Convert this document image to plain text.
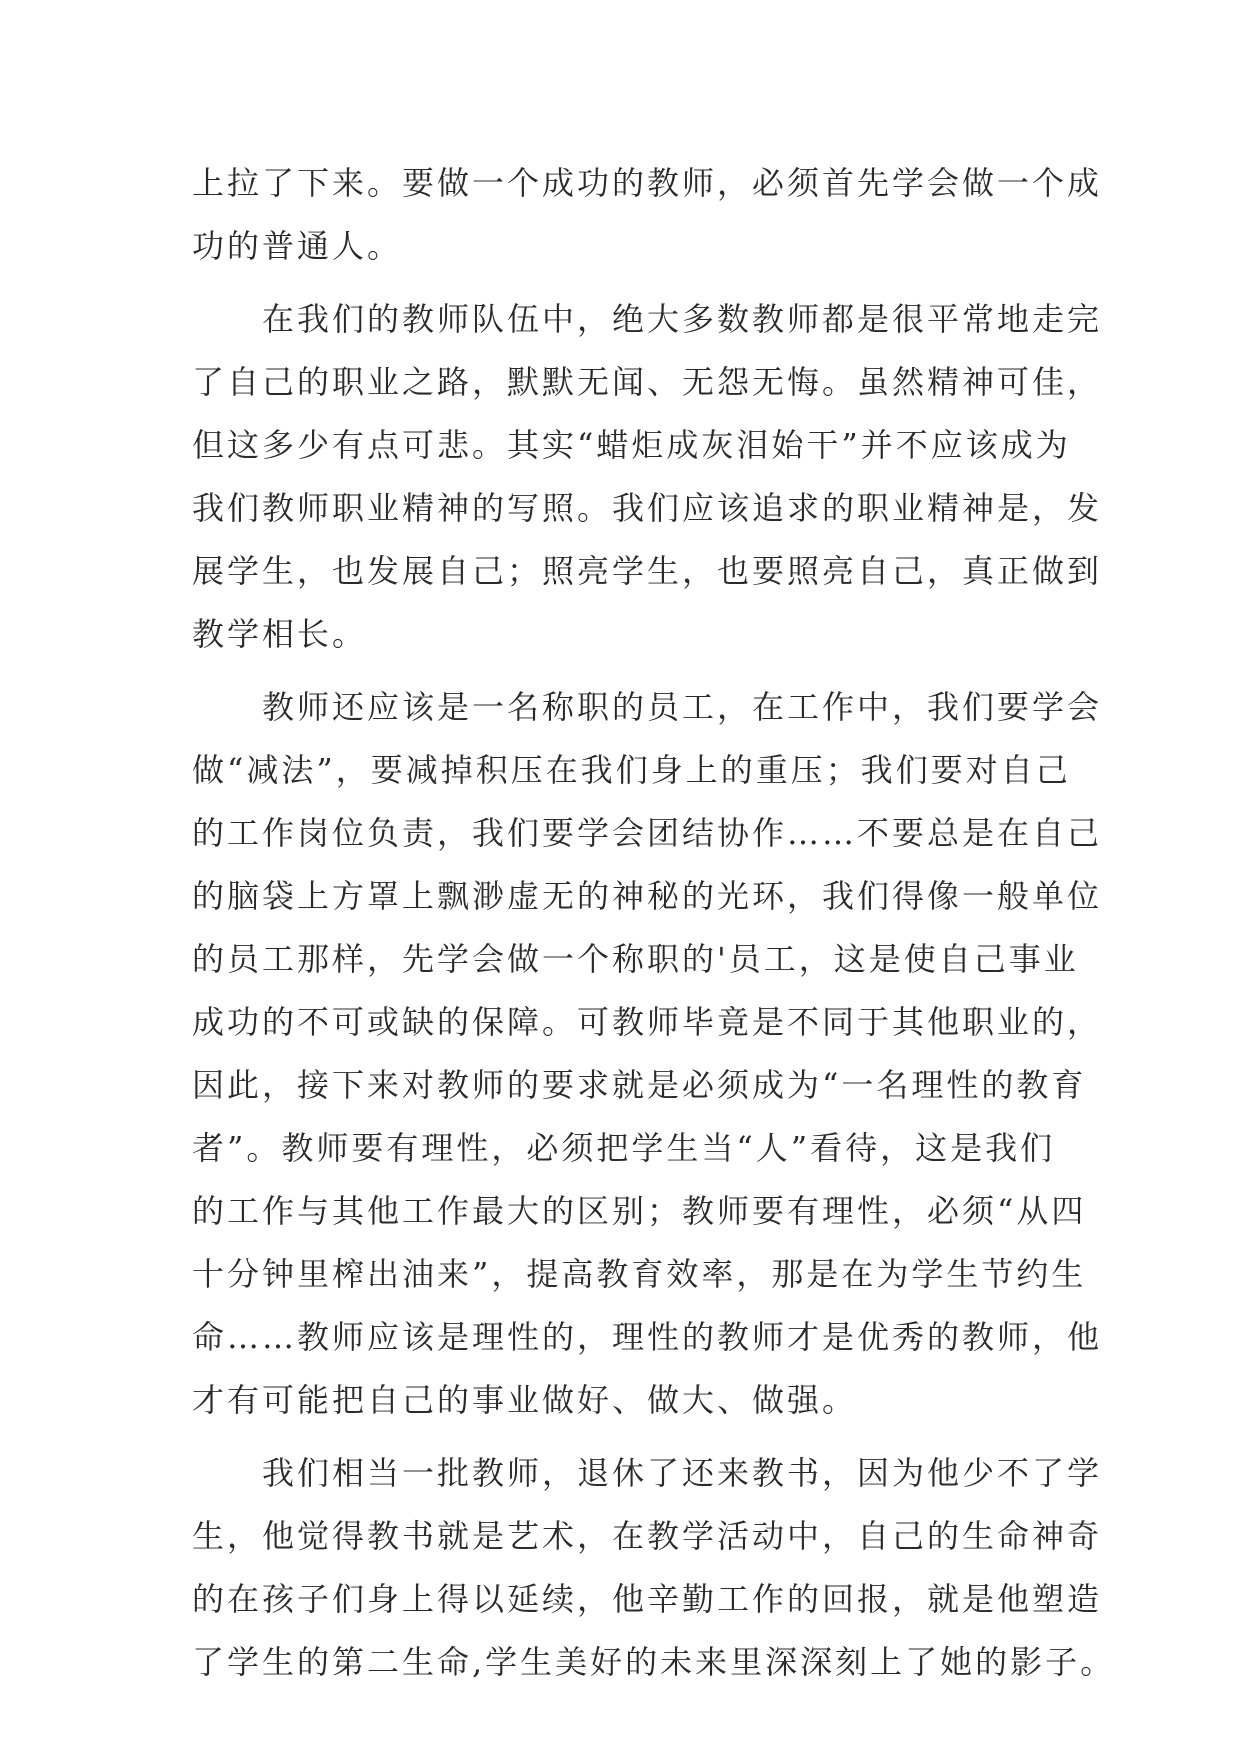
上拉了下来。要做一个成功的教师，必须首先学会做一个成
功的普通人。
在我们的教师队伍中，绝大多数教师都是很平常地走完
了自己的职业之路，默默无闻、无怨无悔。虽然精神可佳，
但这多少有点可悲。其实“蜡炬成灰泪始干”并不应该成为
我们教师职业精神的写照。我们应该追求的职业精神是，发
展学生，也发展自己；照亮学生，也要照亮自己，真正做到
教学相长。
教师还应该是一名称职的员工，在工作中，我们要学会
做“减法”，要减掉积压在我们身上的重压；我们要对自己
的工作岗位负责，我们要学会团结协作……不要总是在自己
的脑袋上方罩上飘渺虚无的神秘的光环，我们得像一般单位
的员工那样，先学会做一个称职的'员工，这是使自己事业
成功的不可或缺的保障。可教师毕竟是不同于其他职业的，
因此，接下来对教师的要求就是必须成为“一名理性的教育
者”。教师要有理性，必须把学生当“人”看待，这是我们
的工作与其他工作最大的区别；教师要有理性，必须“从四
十分钟里榨出油来”，提高教育效率，那是在为学生节约生
命……教师应该是理性的，理性的教师才是优秀的教师，他
才有可能把自己的事业做好、做大、做强。
我们相当一批教师，退休了还来教书，因为他少不了学
生，他觉得教书就是艺术，在教学活动中，自己的生命神奇
的在孩子们身上得以延续，他辛勤工作的回报，就是他塑造
了学生的第二生命,学生美好的未来里深深刻上了她的影子。
